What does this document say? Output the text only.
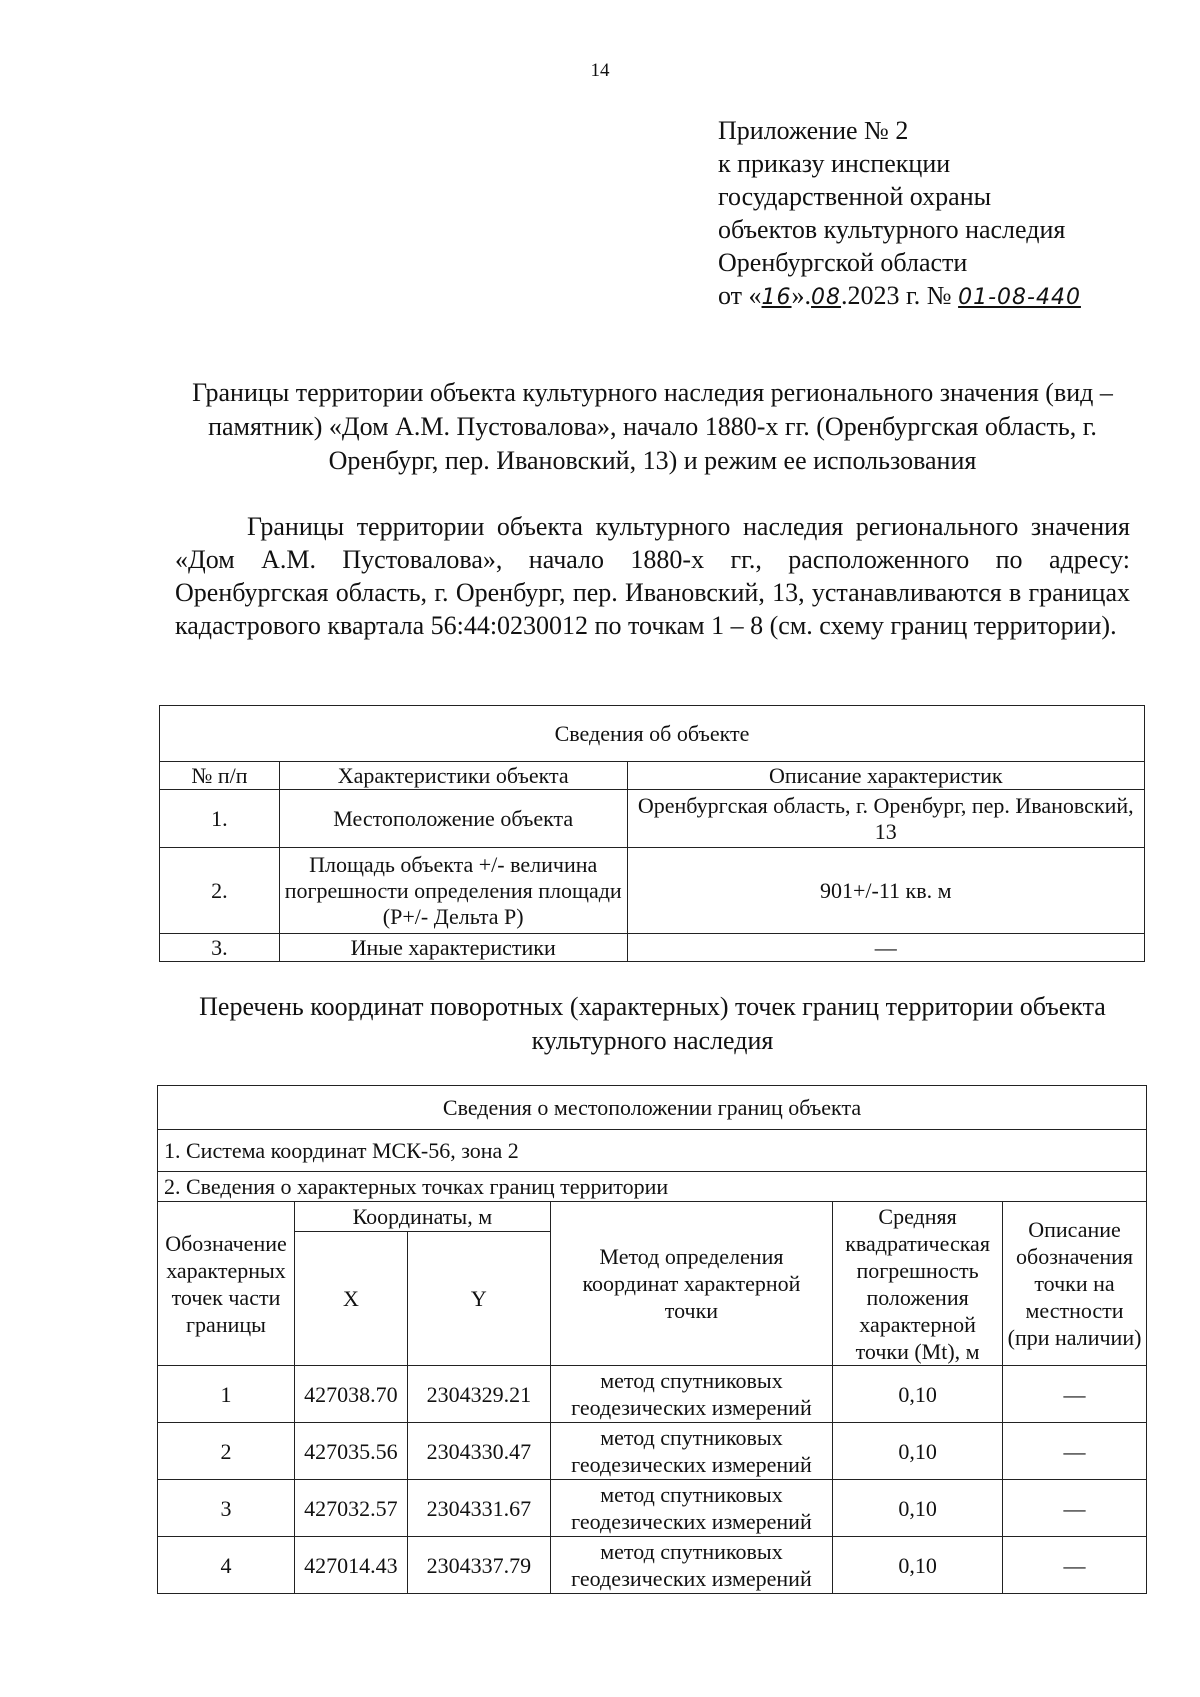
14
Приложение № 2
к приказу инспекции
государственной охраны
объектов культурного наследия
Оренбургской области
от «16».08.2023 г. № 01-08-440
Границы территории объекта культурного наследия регионального значения (вид – памятник) «Дом А.М. Пустовалова», начало 1880-х гг. (Оренбургская область, г. Оренбург, пер. Ивановский, 13) и режим ее использования
Границы территории объекта культурного наследия регионального значения «Дом А.М. Пустовалова», начало 1880-х гг., расположенного по адресу: Оренбургская область, г. Оренбург, пер. Ивановский, 13, устанавливаются в границах кадастрового квартала 56:44:0230012 по точкам 1 – 8 (см. схему границ территории).
Сведения об объекте		
№ п/п	Характеристики объекта	Описание характеристик
1.	Местоположение объекта	Оренбургская область, г. Оренбург, пер. Ивановский, 13
2.	Площадь объекта +/- величина погрешности определения площади (P+/- Дельта P)	901+/-11 кв. м
3.	Иные характеристики	—
Перечень координат поворотных (характерных) точек границ территории объекта культурного наследия
Сведения о местоположении границ объекта					
1. Система координат МСК-56, зона 2					
2. Сведения о характерных точках границ территории					
Обозначение характерных точек части границы	Координаты, м		Метод определения координат характерной точки	Средняя квадратическая погрешность положения характерной точки (Mt), м	Описание обозначения точки на местности (при наличии)
	X	Y			
1	427038.70	2304329.21	метод спутниковых геодезических измерений	0,10	—
2	427035.56	2304330.47	метод спутниковых геодезических измерений	0,10	—
3	427032.57	2304331.67	метод спутниковых геодезических измерений	0,10	—
4	427014.43	2304337.79	метод спутниковых геодезических измерений	0,10	—
